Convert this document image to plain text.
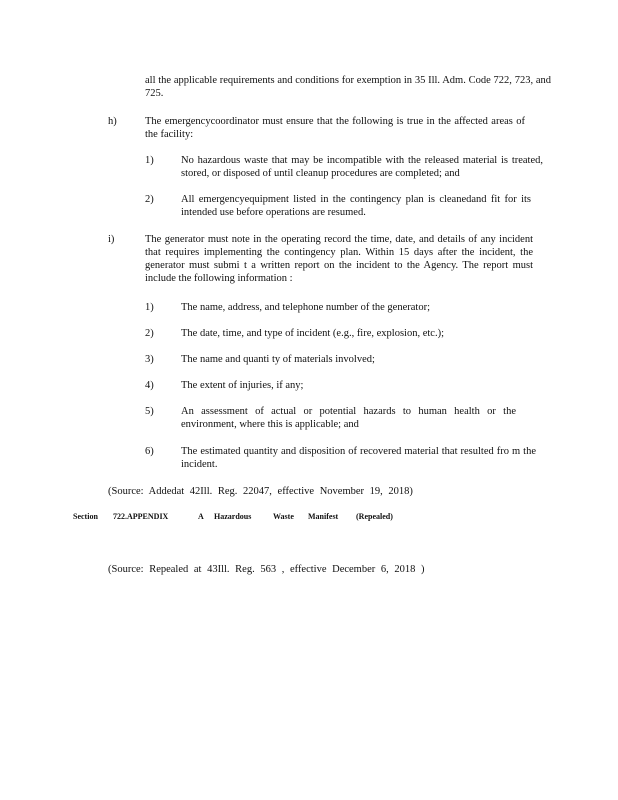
all the applicable requirements and conditions for exemption in 35 Ill. Adm. Code 722, 723, and 725.

h)	The emergencycoordinator must ensure that the following is true in the affected areas of the facility:

1)	No hazardous waste that may be incompatible with the released material is treated, stored, or disposed of until cleanup procedures are completed; and

2)	All emergencyequipment listed in the contingency plan is cleanedand fit for its intended use before operations are resumed.

i)	The generator must note in the operating record the time, date, and details of any incident that requires implementing the contingency plan. Within 15 days after the incident, the generator must submi t a written report on the incident to the Agency. The report must include the following information :

1)	The name, address, and telephone number of the generator;

2)	The date, time, and type of incident (e.g., fire, explosion, etc.);

3)	The name and quanti ty of materials involved;

4)	The extent of injuries, if any;

5)	An assessment of actual or potential hazards to human health or the environment, where this is applicable; and

6)	The estimated quantity and disposition of recovered material that resulted fro m the incident.

(Source: Addedat 42Ill. Reg. 22047, effective November 19, 2018)

Section 722.APPENDIX	A Hazardous	Waste Manifest (Repealed)

(Source: Repealed at 43Ill. Reg. 563 , effective December 6, 2018 )
